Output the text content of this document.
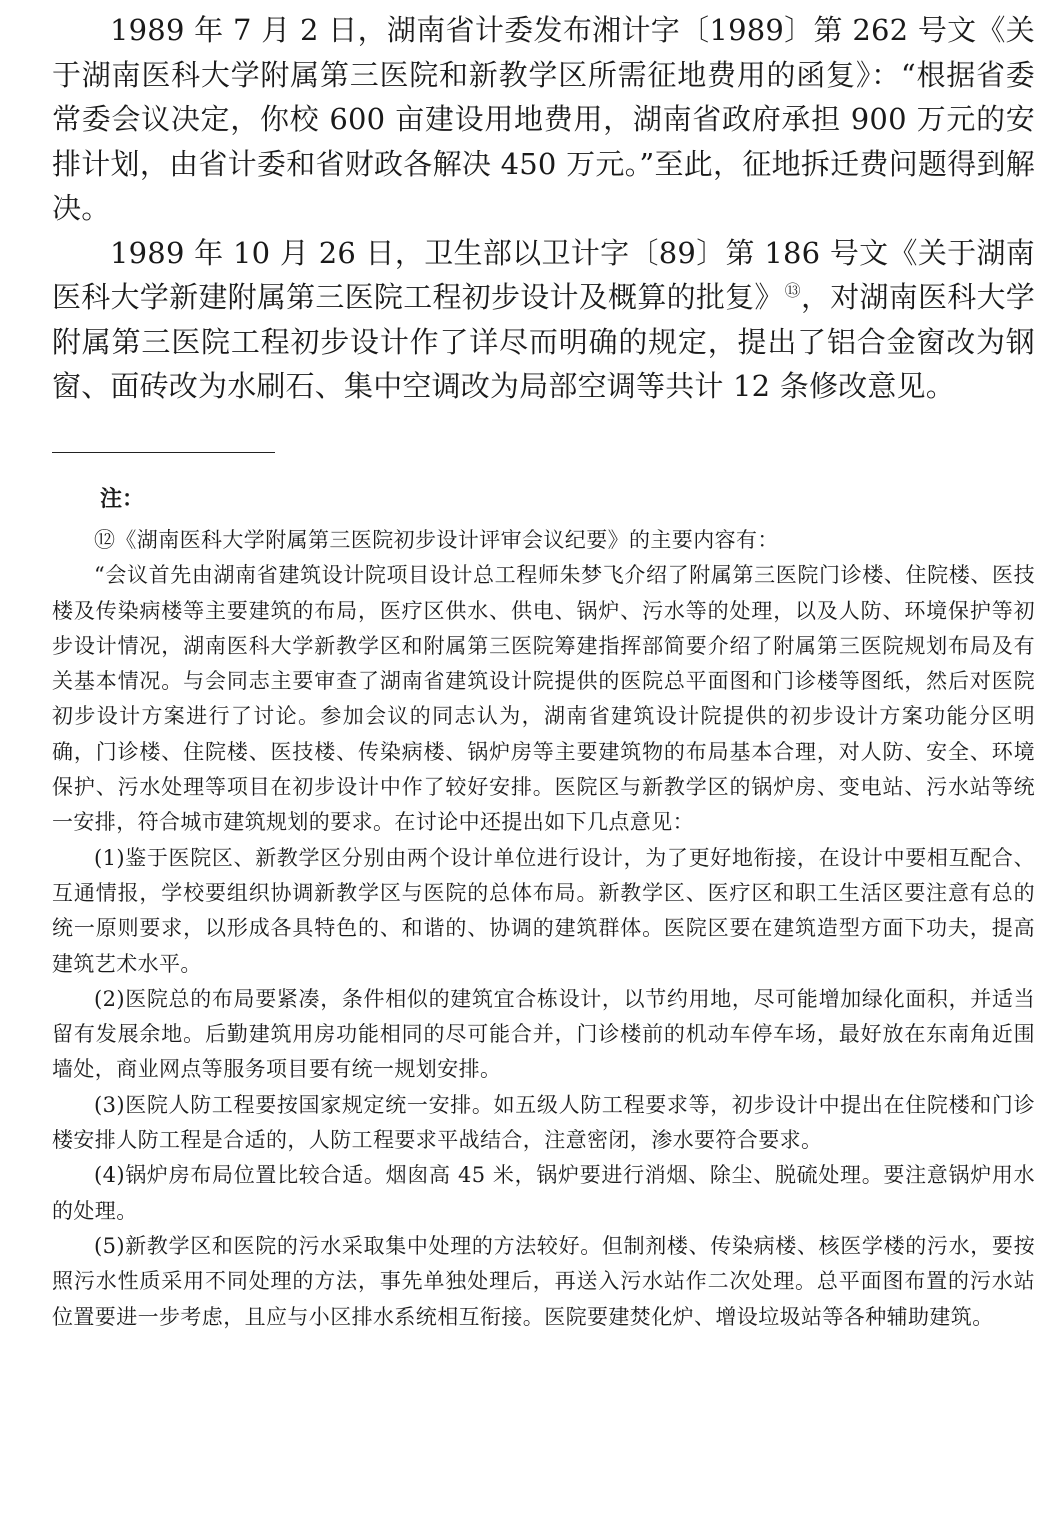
1989 年 7 月 2 日，湖南省计委发布湘计字〔1989〕第 262 号文《关于湖南医科大学附属第三医院和新教学区所需征地费用的函复》：“根据省委常委会议决定，你校 600 亩建设用地费用，湖南省政府承担 900 万元的安排计划，由省计委和省财政各解决 450 万元。”至此，征地拆迁费问题得到解决。

1989 年 10 月 26 日，卫生部以卫计字〔89〕第 186 号文《关于湖南医科大学新建附属第三医院工程初步设计及概算的批复》⑬，对湖南医科大学附属第三医院工程初步设计作了详尽而明确的规定，提出了铝合金窗改为钢窗、面砖改为水刷石、集中空调改为局部空调等共计 12 条修改意见。

注：

⑫《湖南医科大学附属第三医院初步设计评审会议纪要》的主要内容有：

“会议首先由湖南省建筑设计院项目设计总工程师朱梦飞介绍了附属第三医院门诊楼、住院楼、医技楼及传染病楼等主要建筑的布局，医疗区供水、供电、锅炉、污水等的处理，以及人防、环境保护等初步设计情况，湖南医科大学新教学区和附属第三医院筹建指挥部简要介绍了附属第三医院规划布局及有关基本情况。与会同志主要审查了湖南省建筑设计院提供的医院总平面图和门诊楼等图纸，然后对医院初步设计方案进行了讨论。参加会议的同志认为，湖南省建筑设计院提供的初步设计方案功能分区明确，门诊楼、住院楼、医技楼、传染病楼、锅炉房等主要建筑物的布局基本合理，对人防、安全、环境保护、污水处理等项目在初步设计中作了较好安排。医院区与新教学区的锅炉房、变电站、污水站等统一安排，符合城市建筑规划的要求。在讨论中还提出如下几点意见：

(1)鉴于医院区、新教学区分别由两个设计单位进行设计，为了更好地衔接，在设计中要相互配合、互通情报，学校要组织协调新教学区与医院的总体布局。新教学区、医疗区和职工生活区要注意有总的统一原则要求，以形成各具特色的、和谐的、协调的建筑群体。医院区要在建筑造型方面下功夫，提高建筑艺术水平。

(2)医院总的布局要紧凑，条件相似的建筑宜合栋设计，以节约用地，尽可能增加绿化面积，并适当留有发展余地。后勤建筑用房功能相同的尽可能合并，门诊楼前的机动车停车场，最好放在东南角近围墙处，商业网点等服务项目要有统一规划安排。

(3)医院人防工程要按国家规定统一安排。如五级人防工程要求等，初步设计中提出在住院楼和门诊楼安排人防工程是合适的，人防工程要求平战结合，注意密闭，渗水要符合要求。

(4)锅炉房布局位置比较合适。烟囱高 45 米，锅炉要进行消烟、除尘、脱硫处理。要注意锅炉用水的处理。

(5)新教学区和医院的污水采取集中处理的方法较好。但制剂楼、传染病楼、核医学楼的污水，要按照污水性质采用不同处理的方法，事先单独处理后，再送入污水站作二次处理。总平面图布置的污水站位置要进一步考虑，且应与小区排水系统相互衔接。医院要建焚化炉、增设垃圾站等各种辅助建筑。
